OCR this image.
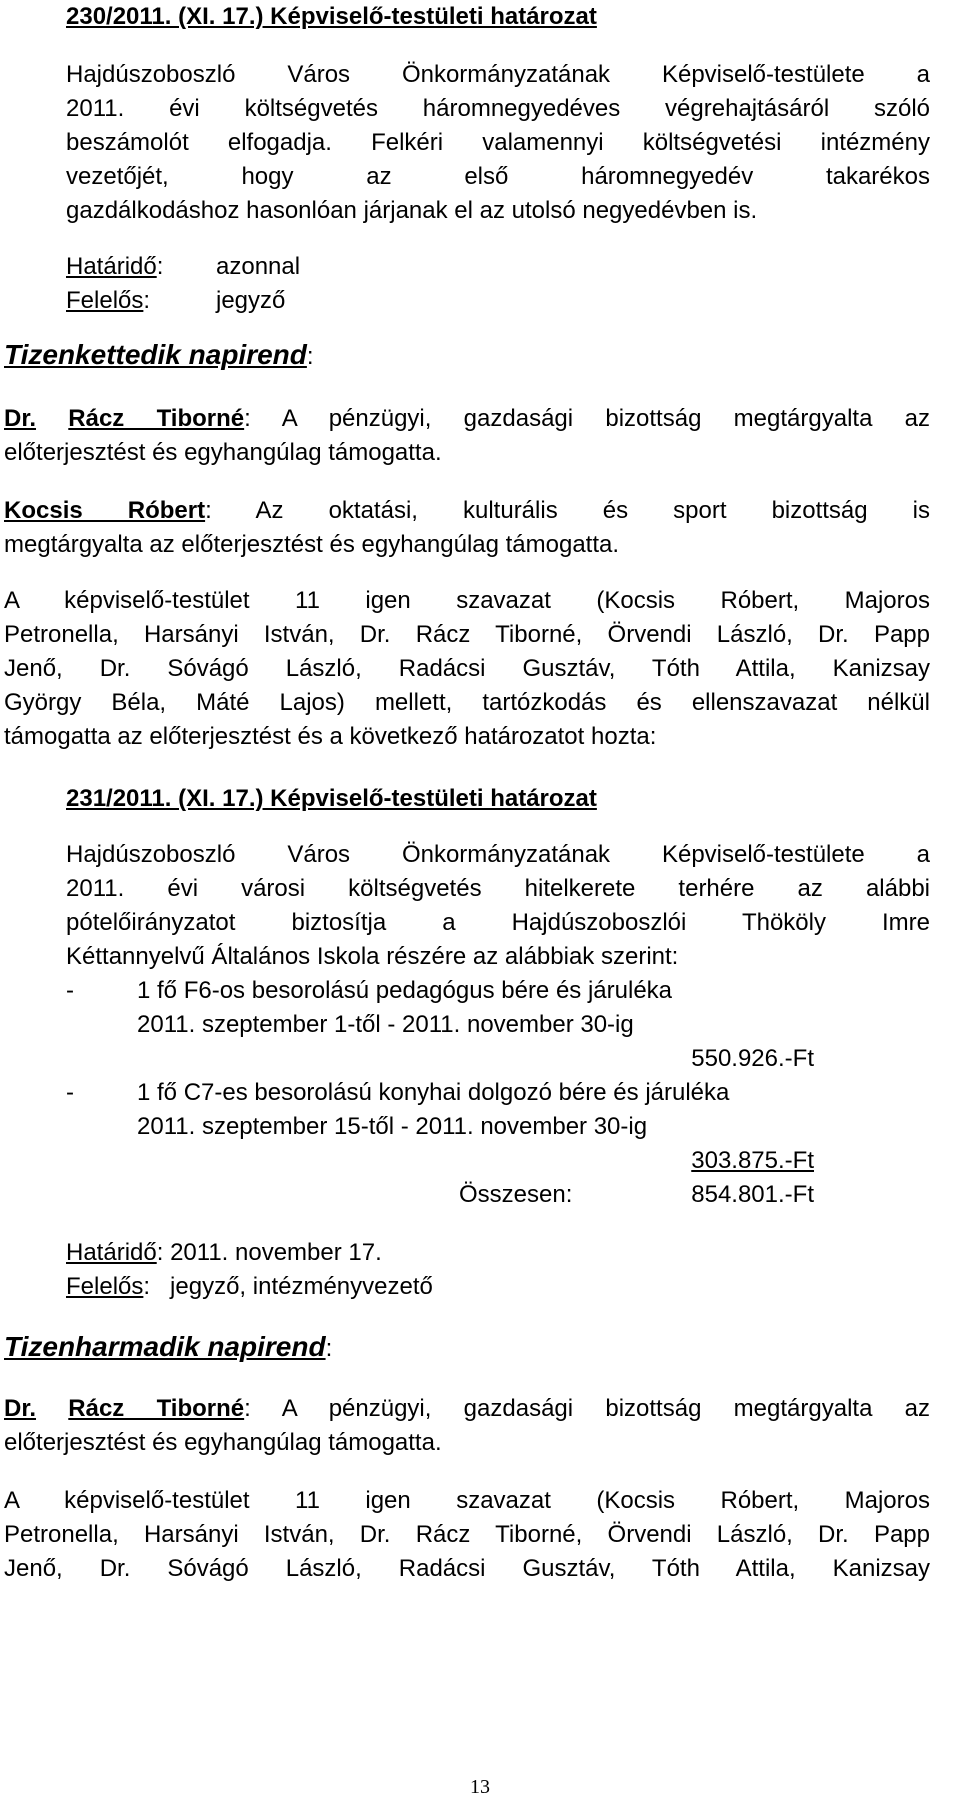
230/2011. (XI. 17.) Képviselő-testületi határozat
Hajdúszoboszló Város Önkormányzatának Képviselő-testülete a
2011. évi költségvetés háromnegyedéves végrehajtásáról szóló
beszámolót elfogadja. Felkéri valamennyi költségvetési intézmény
vezetőjét, hogy az első háromnegyedév takarékos
gazdálkodáshoz hasonlóan járjanak el az utolsó negyedévben is.
Határidő: azonnal
Felelős:	jegyző
Tizenkettedik napirend:
Dr. Rácz Tiborné: A pénzügyi, gazdasági bizottság megtárgyalta az
előterjesztést és egyhangúlag támogatta.
Kocsis Róbert: Az oktatási, kulturális és sport bizottság is
megtárgyalta az előterjesztést és egyhangúlag támogatta.
A képviselő-testület 11 igen szavazat (Kocsis Róbert, Majoros
Petronella, Harsányi István, Dr. Rácz Tiborné, Örvendi László, Dr. Papp
Jenő, Dr. Sóvágó László, Radácsi Gusztáv, Tóth Attila, Kanizsay
György Béla, Máté Lajos) mellett, tartózkodás és ellenszavazat nélkül
támogatta az előterjesztést és a következő határozatot hozta:
231/2011. (XI. 17.) Képviselő-testületi határozat
Hajdúszoboszló Város Önkormányzatának Képviselő-testülete a
2011. évi városi költségvetés hitelkerete terhére az alábbi
pótelőirányzatot biztosítja a Hajdúszoboszlói Thököly Imre
Kéttannyelvű Általános Iskola részére az alábbiak szerint:
-	1 fő F6-os besorolású pedagógus bére és járuléka
2011. szeptember 1-től - 2011. november 30-ig
550.926.-Ft
-	1 fő C7-es besorolású konyhai dolgozó bére és járuléka
2011. szeptember 15-től - 2011. november 30-ig
303.875.-Ft
Összesen:	854.801.-Ft
Határidő: 2011. november 17.
Felelős:   jegyző, intézményvezető
Tizenharmadik napirend:
Dr. Rácz Tiborné: A pénzügyi, gazdasági bizottság megtárgyalta az
előterjesztést és egyhangúlag támogatta.
A képviselő-testület 11 igen szavazat (Kocsis Róbert, Majoros
Petronella, Harsányi István, Dr. Rácz Tiborné, Örvendi László, Dr. Papp
Jenő, Dr. Sóvágó László, Radácsi Gusztáv, Tóth Attila, Kanizsay
13
